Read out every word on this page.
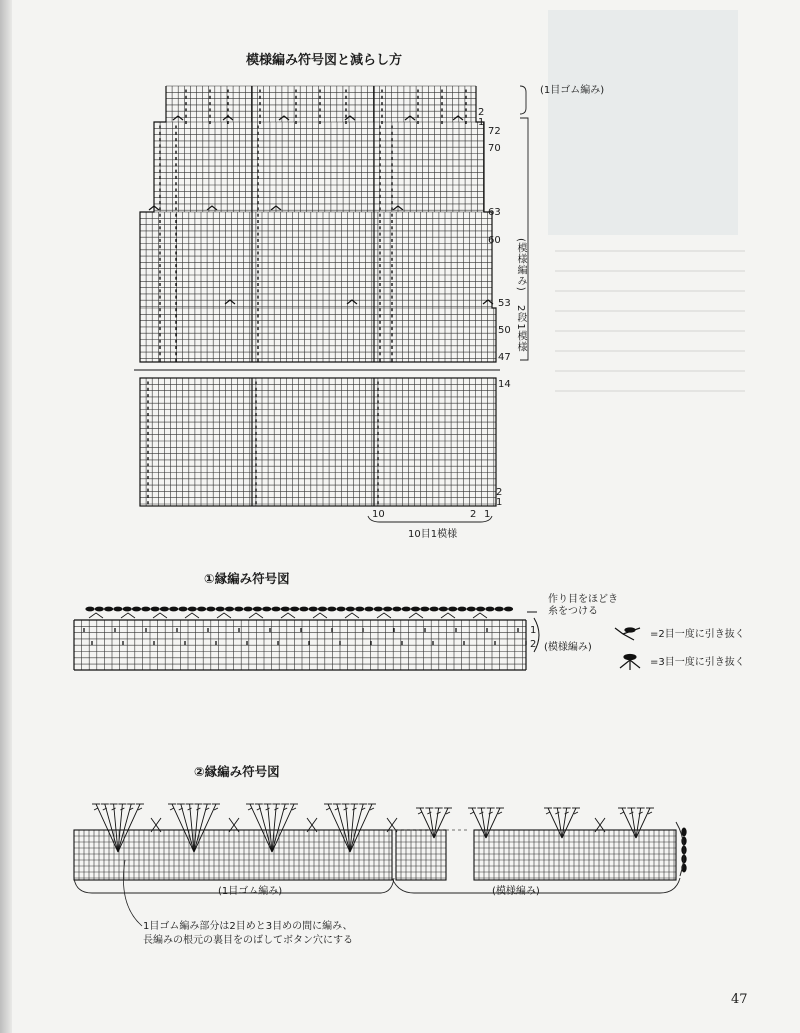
模様編み符号図と減らし方
(1目ゴム編み)
(模様編み)
2段1模様
2
1
72
70
63
60
53
50
47
14
2
1
10	2 1
10目1模様
①縁編み符号図
作り目をほどき
糸をつける
1
2 (模様編み)
=2目一度に引き抜く
=3目一度に引き抜く
②縁編み符号図
(1目ゴム編み)	(模様編み)
1目ゴム編み部分は2目めと3目めの間に編み、
長編みの根元の裏目をのばしてボタン穴にする
47
